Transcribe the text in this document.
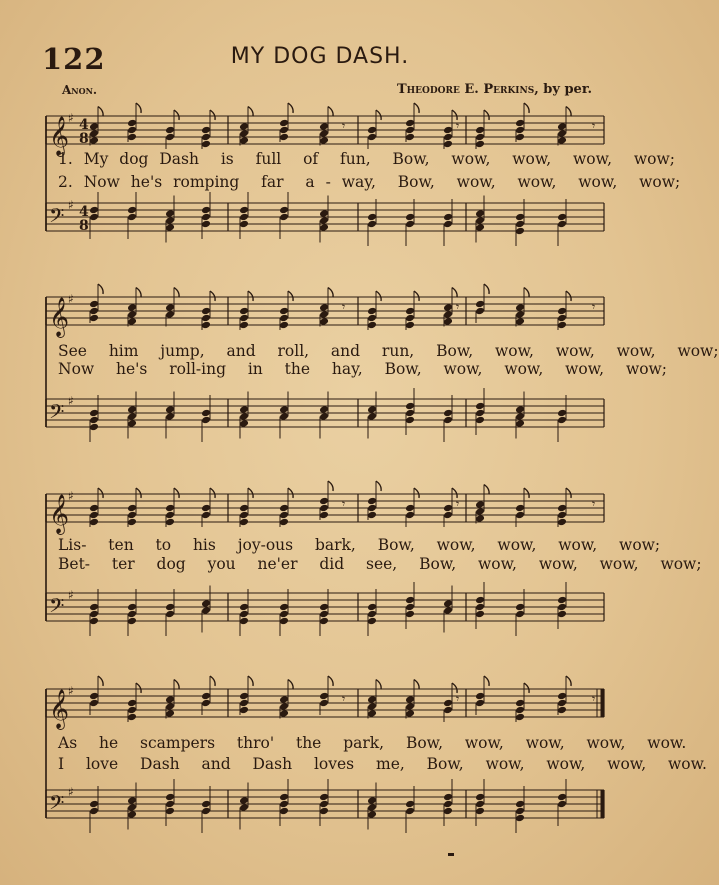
122	MY DOG DASH.
Anon.	Theodore E. Perkins, by per.
𝄞
♯ 4
8
𝄢 ♯ 4
8
𝄾	𝄾	𝄾
1. My dog Dash  is  full  of  fun,  Bow,  wow,  wow,  wow,  wow;
2. Now he's romping  far  a - way,  Bow,  wow,  wow,  wow,  wow;
𝄞
♯
𝄢 ♯
𝄾	𝄾	𝄾
See  him  jump,  and  roll,  and  run,  Bow,  wow,  wow,  wow,  wow;
Now  he's  roll-ing  in  the  hay,  Bow,  wow,  wow,  wow,  wow;
𝄞
♯
𝄢 ♯
𝄾	𝄾	𝄾
Lis-  ten  to  his  joy-ous  bark,  Bow,  wow,  wow,  wow,  wow;
Bet-  ter  dog  you  ne'er  did  see,  Bow,  wow,  wow,  wow,  wow;
𝄞
♯
𝄢 ♯
𝄾	𝄾	𝄾
As  he  scampers  thro'  the  park,  Bow,  wow,  wow,  wow,  wow.
I  love  Dash  and  Dash  loves  me,  Bow,  wow,  wow,  wow,  wow.
